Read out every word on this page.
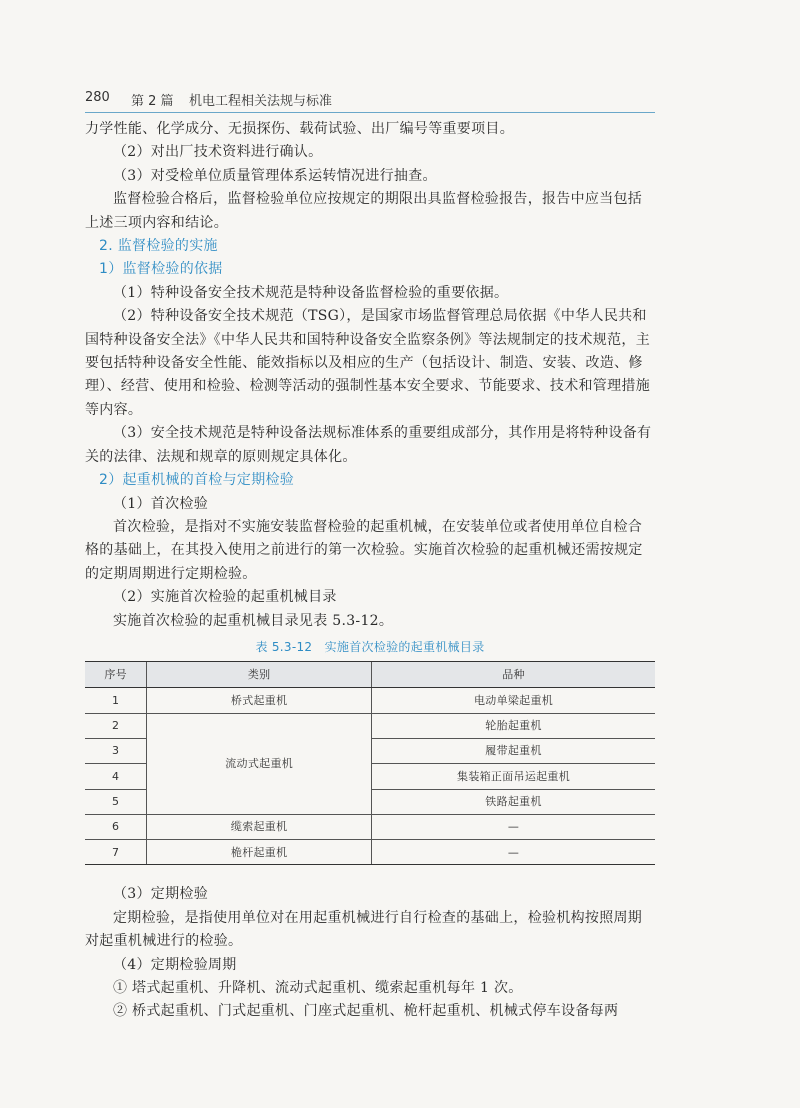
280 第 2 篇 机电工程相关法规与标准

力学性能、化学成分、无损探伤、载荷试验、出厂编号等重要项目。

（2）对出厂技术资料进行确认。

（3）对受检单位质量管理体系运转情况进行抽查。

监督检验合格后，监督检验单位应按规定的期限出具监督检验报告，报告中应当包括上述三项内容和结论。

2. 监督检验的实施

1）监督检验的依据

（1）特种设备安全技术规范是特种设备监督检验的重要依据。

（2）特种设备安全技术规范（TSG），是国家市场监督管理总局依据《中华人民共和国特种设备安全法》《中华人民共和国特种设备安全监察条例》等法规制定的技术规范，主要包括特种设备安全性能、能效指标以及相应的生产（包括设计、制造、安装、改造、修理）、经营、使用和检验、检测等活动的强制性基本安全要求、节能要求、技术和管理措施等内容。

（3）安全技术规范是特种设备法规标准体系的重要组成部分，其作用是将特种设备有关的法律、法规和规章的原则规定具体化。

2）起重机械的首检与定期检验

（1）首次检验

首次检验，是指对不实施安装监督检验的起重机械，在安装单位或者使用单位自检合格的基础上，在其投入使用之前进行的第一次检验。实施首次检验的起重机械还需按规定的定期周期进行定期检验。

（2）实施首次检验的起重机械目录

实施首次检验的起重机械目录见表 5.3-12。

表 5.3-12　实施首次检验的起重机械目录
序号	类别	品种
1	桥式起重机	电动单梁起重机
2	流动式起重机	轮胎起重机
3		履带起重机
4		集装箱正面吊运起重机
5		铁路起重机
6	缆索起重机	—
7	桅杆起重机	—

（3）定期检验

定期检验，是指使用单位对在用起重机械进行自行检查的基础上，检验机构按照周期对起重机械进行的检验。

（4）定期检验周期

① 塔式起重机、升降机、流动式起重机、缆索起重机每年 1 次。

② 桥式起重机、门式起重机、门座式起重机、桅杆起重机、机械式停车设备每两
